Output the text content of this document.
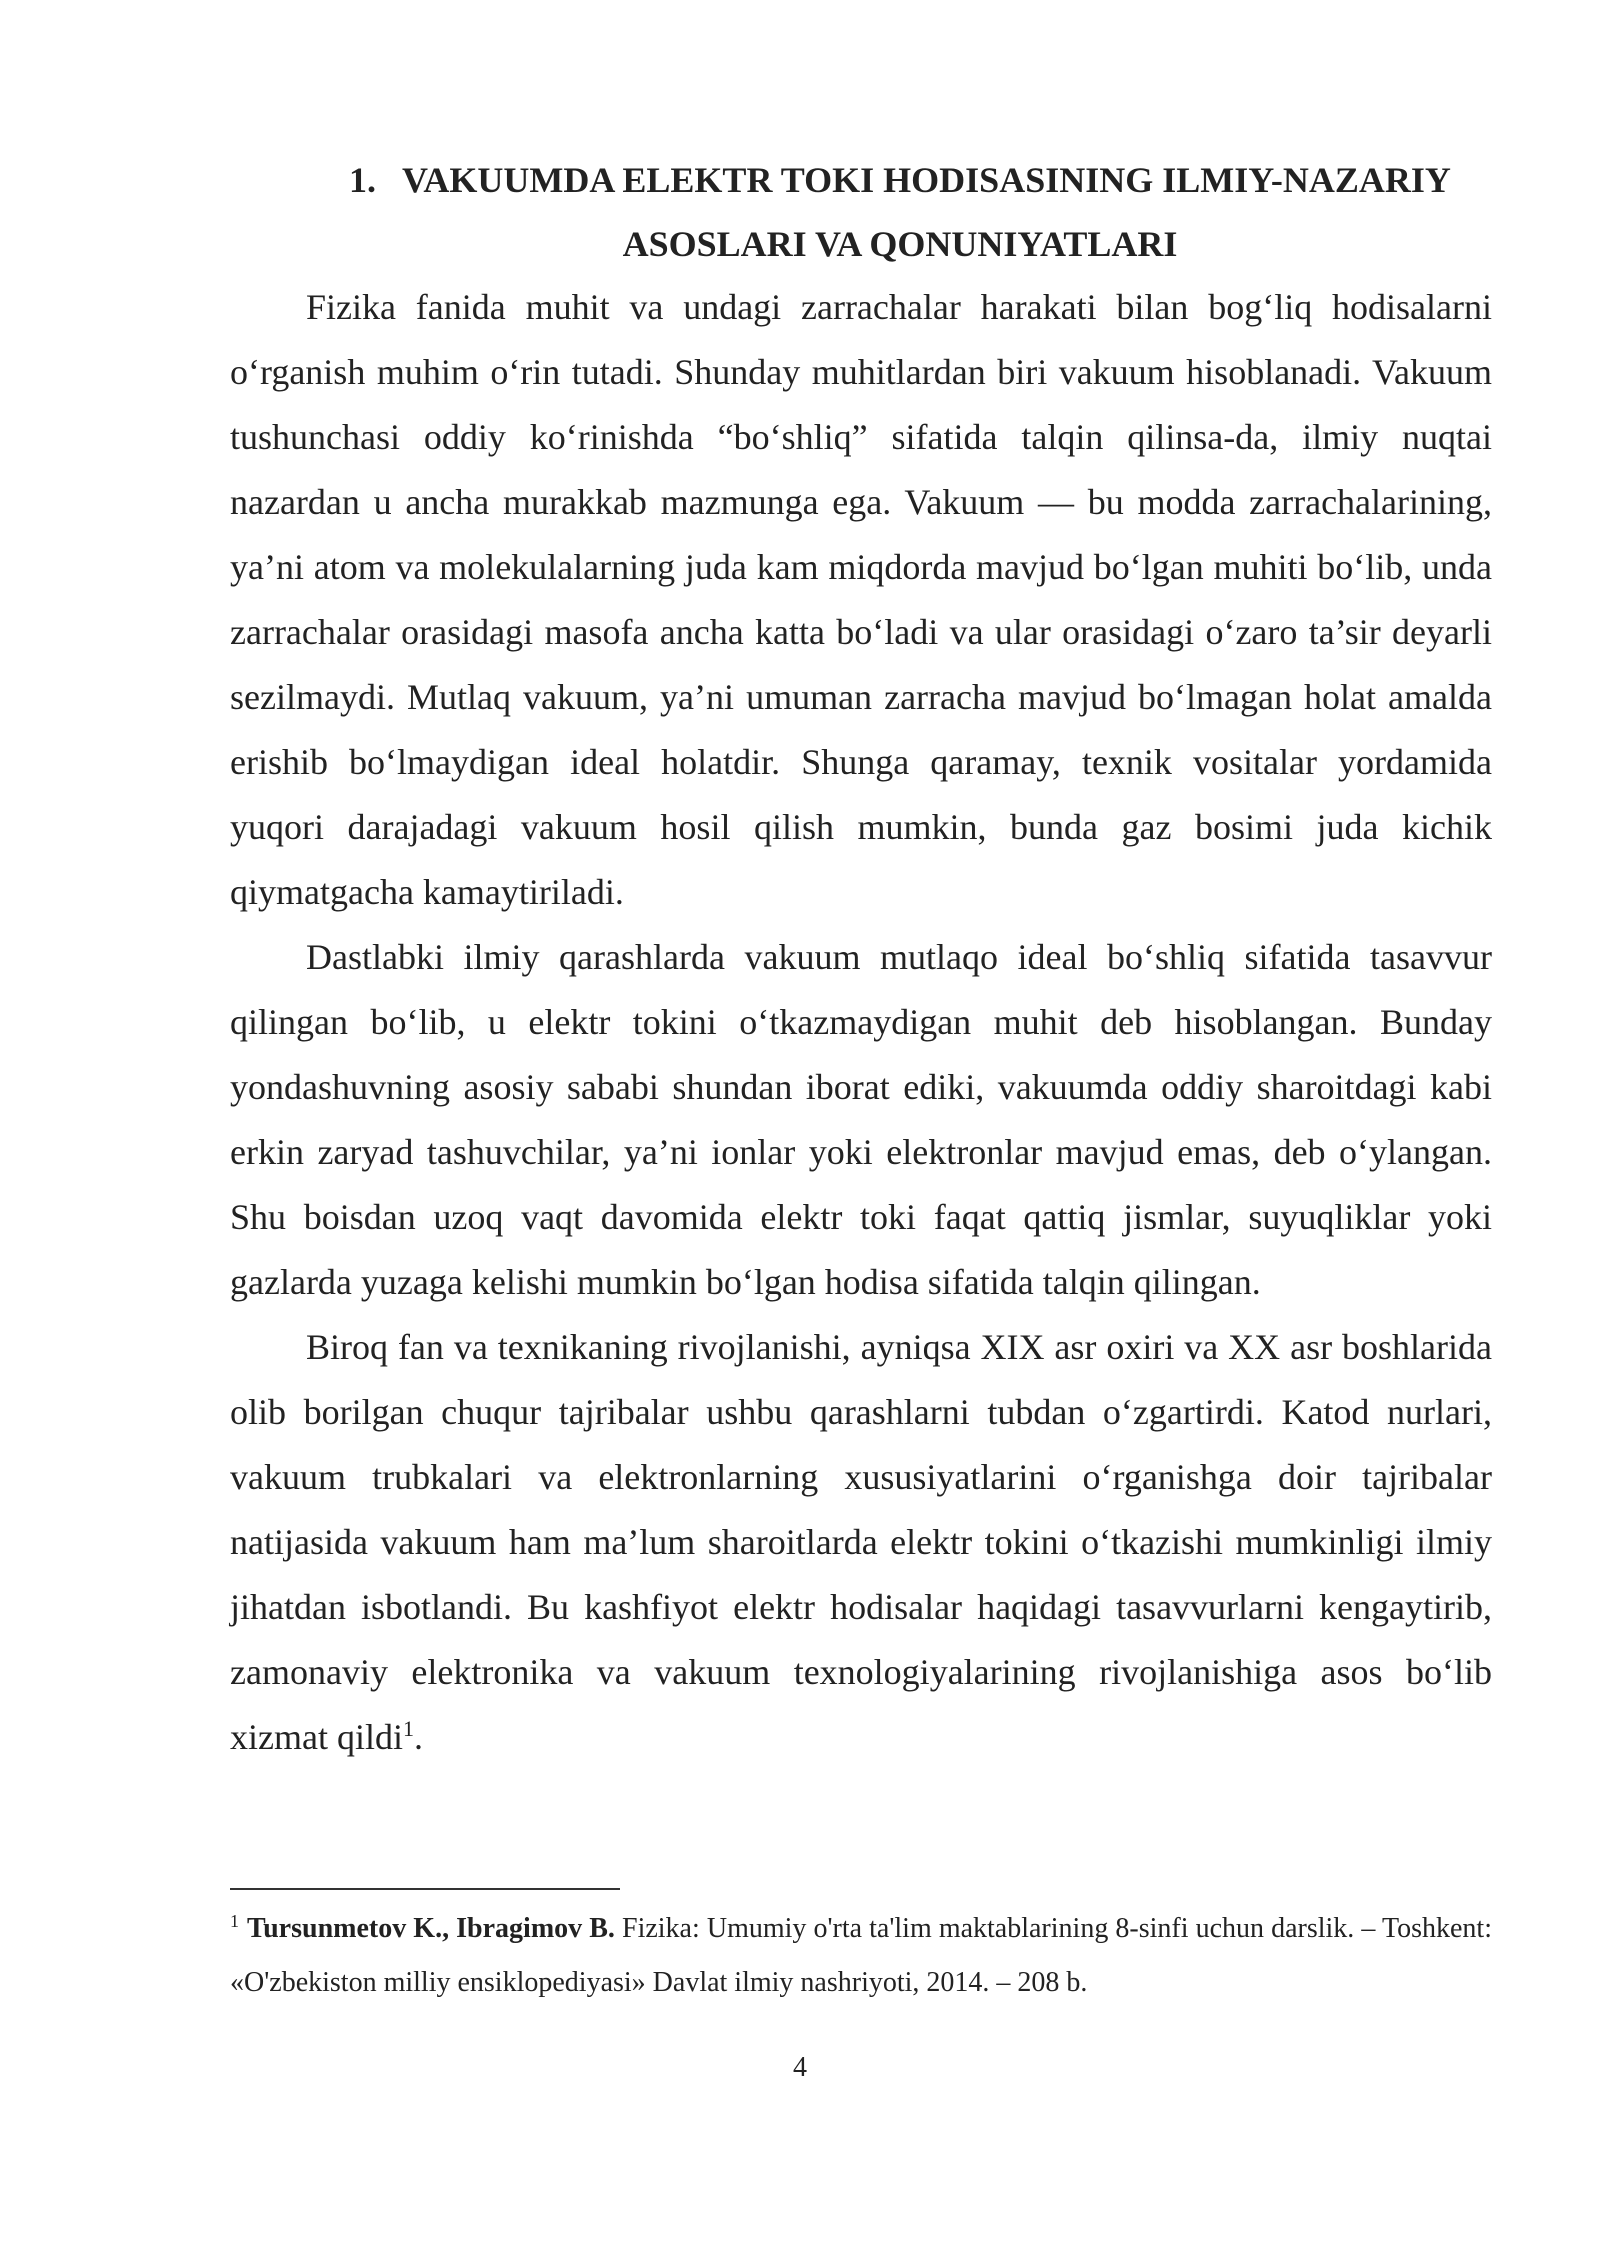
1. VAKUUMDA ELEKTR TOKI HODISASINING ILMIY-NAZARIY
ASOSLARI VA QONUNIYATLARI

Fizika fanida muhit va undagi zarrachalar harakati bilan bog‘liq hodisalarni o‘rganish muhim o‘rin tutadi. Shunday muhitlardan biri vakuum hisoblanadi. Vakuum tushunchasi oddiy ko‘rinishda “bo‘shliq” sifatida talqin qilinsa-da, ilmiy nuqtai nazardan u ancha murakkab mazmunga ega. Vakuum — bu modda zarrachalarining, ya’ni atom va molekulalarning juda kam miqdorda mavjud bo‘lgan muhiti bo‘lib, unda zarrachalar orasidagi masofa ancha katta bo‘ladi va ular orasidagi o‘zaro ta’sir deyarli sezilmaydi. Mutlaq vakuum, ya’ni umuman zarracha mavjud bo‘lmagan holat amalda erishib bo‘lmaydigan ideal holatdir. Shunga qaramay, texnik vositalar yordamida yuqori darajadagi vakuum hosil qilish mumkin, bunda gaz bosimi juda kichik qiymatgacha kamaytiriladi.

Dastlabki ilmiy qarashlarda vakuum mutlaqo ideal bo‘shliq sifatida tasavvur qilingan bo‘lib, u elektr tokini o‘tkazmaydigan muhit deb hisoblangan. Bunday yondashuvning asosiy sababi shundan iborat ediki, vakuumda oddiy sharoitdagi kabi erkin zaryad tashuvchilar, ya’ni ionlar yoki elektronlar mavjud emas, deb o‘ylangan. Shu boisdan uzoq vaqt davomida elektr toki faqat qattiq jismlar, suyuqliklar yoki gazlarda yuzaga kelishi mumkin bo‘lgan hodisa sifatida talqin qilingan.

Biroq fan va texnikaning rivojlanishi, ayniqsa XIX asr oxiri va XX asr boshlarida olib borilgan chuqur tajribalar ushbu qarashlarni tubdan o‘zgartirdi. Katod nurlari, vakuum trubkalari va elektronlarning xususiyatlarini o‘rganishga doir tajribalar natijasida vakuum ham ma’lum sharoitlarda elektr tokini o‘tkazishi mumkinligi ilmiy jihatdan isbotlandi. Bu kashfiyot elektr hodisalar haqidagi tasavvurlarni kengaytirib, zamonaviy elektronika va vakuum texnologiyalarining rivojlanishiga asos bo‘lib xizmat qildi$^1$.

$^1$ Tursunmetov K., Ibragimov B. Fizika: Umumiy o'rta ta'lim maktablarining 8-sinfi uchun darslik. – Toshkent: «O'zbekiston milliy ensiklopediyasi» Davlat ilmiy nashriyoti, 2014. – 208 b.
4
